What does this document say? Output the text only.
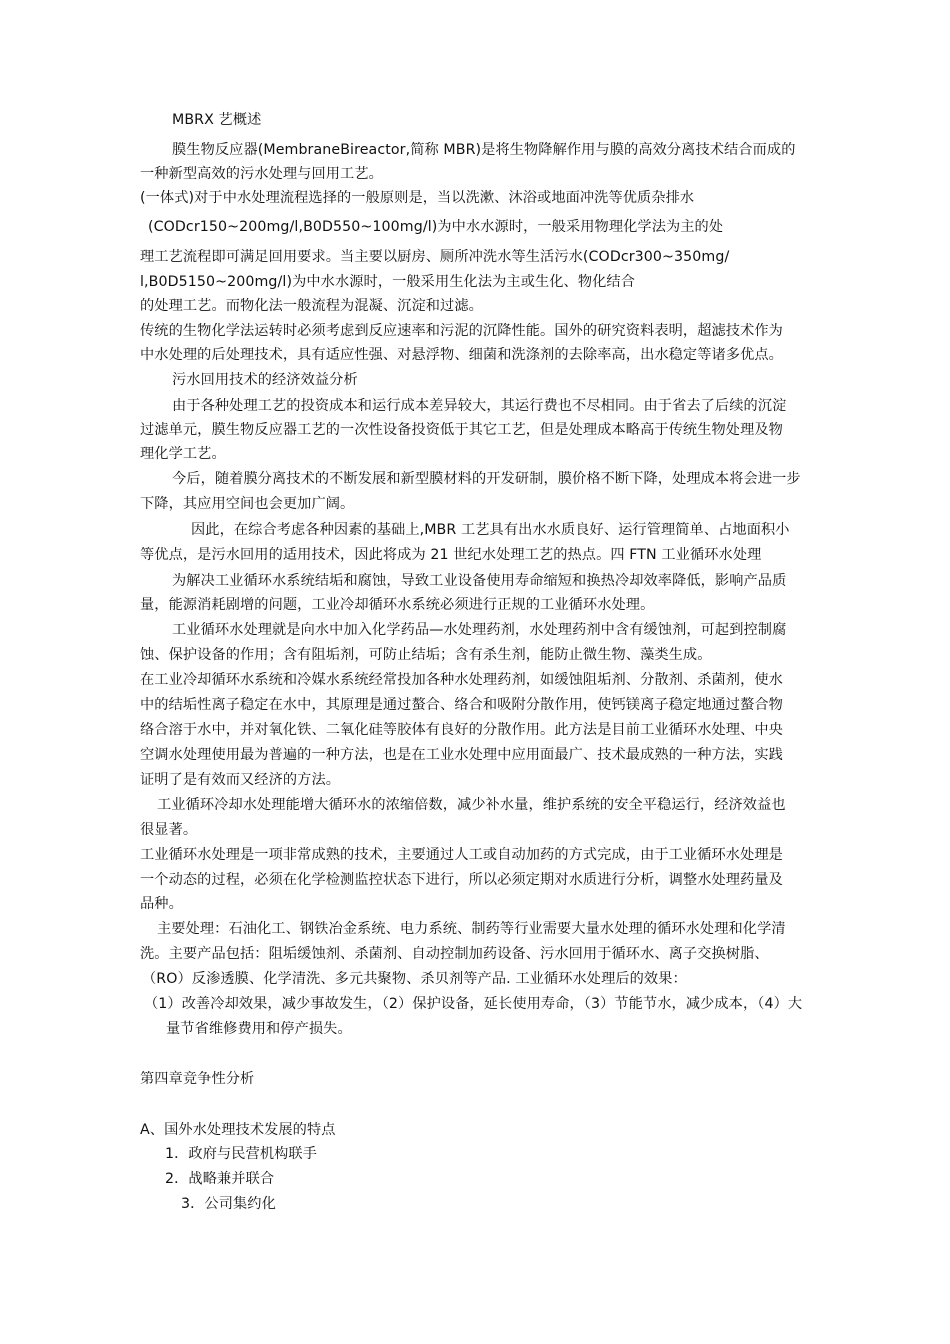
MBRX 艺概述
膜生物反应器(MembraneBireactor,简称 MBR)是将生物降解作用与膜的高效分离技术结合而成的
一种新型高效的污水处理与回用工艺。
(一体式)对于中水处理流程选择的一般原则是，当以洗漱、沐浴或地面冲洗等优质杂排水
(CODcr150~200mg/l,B0D550~100mg/l)为中水水源时，一般采用物理化学法为主的处
理工艺流程即可满足回用要求。当主要以厨房、厕所冲洗水等生活污水(CODcr300~350mg/
l,B0D5150~200mg/l)为中水水源时，一般采用生化法为主或生化、物化结合
的处理工艺。而物化法一般流程为混凝、沉淀和过滤。
传统的生物化学法运转时必须考虑到反应速率和污泥的沉降性能。国外的研究资料表明，超滤技术作为
中水处理的后处理技术，具有适应性强、对悬浮物、细菌和洗涤剂的去除率高，出水稳定等诸多优点。
污水回用技术的经济效益分析
由于各种处理工艺的投资成本和运行成本差异较大，其运行费也不尽相同。由于省去了后续的沉淀
过滤单元，膜生物反应器工艺的一次性设备投资低于其它工艺，但是处理成本略高于传统生物处理及物
理化学工艺。
今后，随着膜分离技术的不断发展和新型膜材料的开发研制，膜价格不断下降，处理成本将会进一步
下降，其应用空间也会更加广阔。
因此，在综合考虑各种因素的基础上,MBR 工艺具有出水水质良好、运行管理简单、占地面积小
等优点，是污水回用的适用技术，因此将成为 21 世纪水处理工艺的热点。四 FTN 工业循环水处理
为解决工业循环水系统结垢和腐蚀，导致工业设备使用寿命缩短和换热冷却效率降低，影响产品质
量，能源消耗剧增的问题，工业冷却循环水系统必须进行正规的工业循环水处理。
工业循环水处理就是向水中加入化学药品—水处理药剂，水处理药剂中含有缓蚀剂，可起到控制腐
蚀、保护设备的作用；含有阻垢剂，可防止结垢；含有杀生剂，能防止微生物、藻类生成。
在工业冷却循环水系统和冷媒水系统经常投加各种水处理药剂，如缓蚀阻垢剂、分散剂、杀菌剂，使水
中的结垢性离子稳定在水中，其原理是通过螯合、络合和吸附分散作用，使钙镁离子稳定地通过螯合物
络合溶于水中，并对氧化铁、二氧化硅等胶体有良好的分散作用。此方法是目前工业循环水处理、中央
空调水处理使用最为普遍的一种方法，也是在工业水处理中应用面最广、技术最成熟的一种方法，实践
证明了是有效而又经济的方法。
工业循环冷却水处理能增大循环水的浓缩倍数，减少补水量，维护系统的安全平稳运行，经济效益也
很显著。
工业循环水处理是一项非常成熟的技术，主要通过人工或自动加药的方式完成，由于工业循环水处理是
一个动态的过程，必须在化学检测监控状态下进行，所以必须定期对水质进行分析，调整水处理药量及
品种。
主要处理：石油化工、钢铁冶金系统、电力系统、制药等行业需要大量水处理的循环水处理和化学清
洗。主要产品包括：阻垢缓蚀剂、杀菌剂、自动控制加药设备、污水回用于循环水、离子交换树脂、
（RO）反渗透膜、化学清洗、多元共聚物、杀贝剂等产品. 工业循环水处理后的效果：
（1）改善冷却效果，减少事故发生，（2）保护设备，延长使用寿命，（3）节能节水，减少成本，（4）大
量节省维修费用和停产损失。
第四章竞争性分析
A、国外水处理技术发展的特点
1．政府与民营机构联手
2．战略兼并联合
3．公司集约化
